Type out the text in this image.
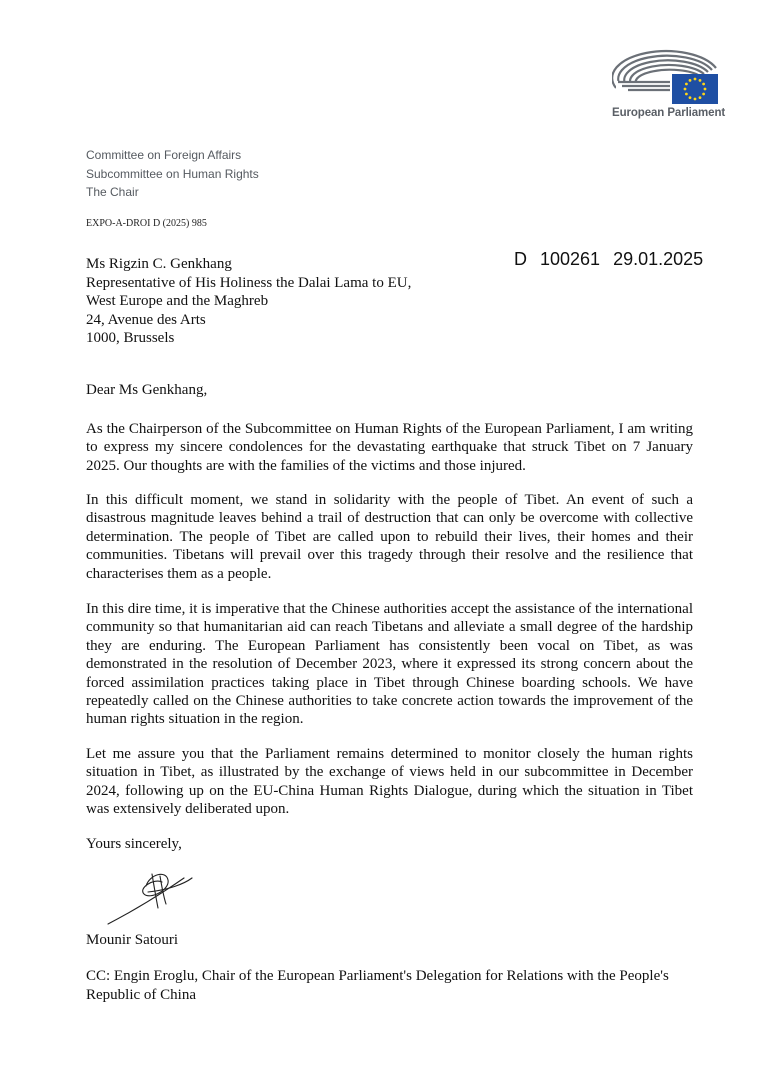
European Parliament
Committee on Foreign Affairs
Subcommittee on Human Rights
The Chair
EXPO-A-DROI D (2025) 985
D 100261 29.01.2025
Ms Rigzin C. Genkhang
Representative of His Holiness the Dalai Lama to EU,
West Europe and the Maghreb
24, Avenue des Arts
1000, Brussels
Dear Ms Genkhang,

As the Chairperson of the Subcommittee on Human Rights of the European Parliament, I am writing to express my sincere condolences for the devastating earthquake that struck Tibet on 7 January 2025. Our thoughts are with the families of the victims and those injured.

In this difficult moment, we stand in solidarity with the people of Tibet. An event of such a disastrous magnitude leaves behind a trail of destruction that can only be overcome with collective determination. The people of Tibet are called upon to rebuild their lives, their homes and their communities. Tibetans will prevail over this tragedy through their resolve and the resilience that characterises them as a people.

In this dire time, it is imperative that the Chinese authorities accept the assistance of the international community so that humanitarian aid can reach Tibetans and alleviate a small degree of the hardship they are enduring. The European Parliament has consistently been vocal on Tibet, as was demonstrated in the resolution of December 2023, where it expressed its strong concern about the forced assimilation practices taking place in Tibet through Chinese boarding schools. We have repeatedly called on the Chinese authorities to take concrete action towards the improvement of the human rights situation in the region.

Let me assure you that the Parliament remains determined to monitor closely the human rights situation in Tibet, as illustrated by the exchange of views held in our subcommittee in December 2024, following up on the EU-China Human Rights Dialogue, during which the situation in Tibet was extensively deliberated upon.

Yours sincerely,
Mounir Satouri
CC: Engin Eroglu, Chair of the European Parliament's Delegation for Relations with the People's Republic of China
